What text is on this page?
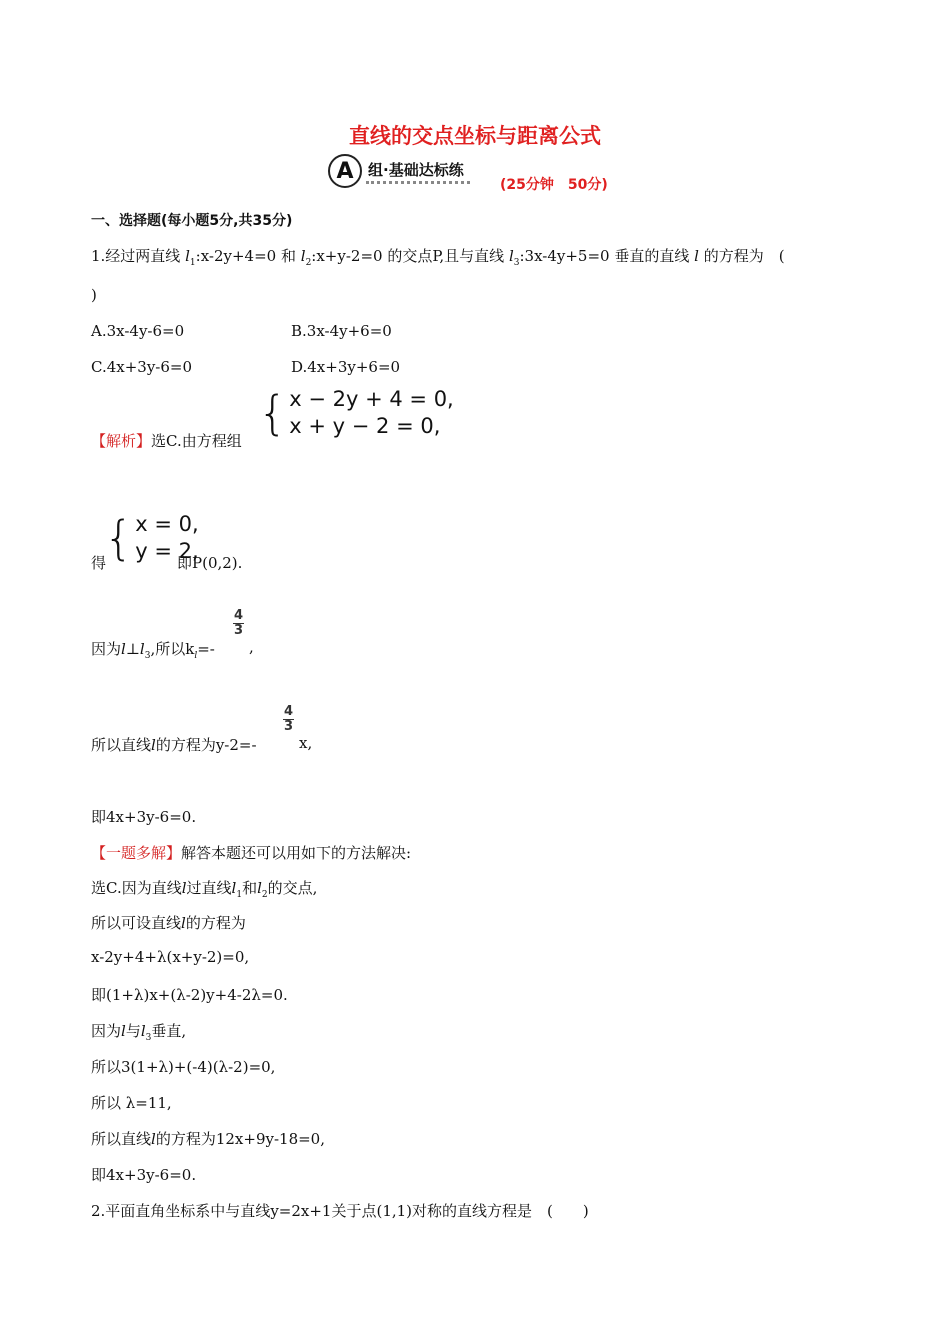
直线的交点坐标与距离公式
A 组·基础达标练
(25分钟　50分)
一、选择题(每小题5分,共35分)
1.经过两直线 $l_1:x-2y+4=0$ 和 $l_2:x+y-2=0$ 的交点P,且与直线 $l_3:3x-4y+5=0$ 垂直的直线 l 的方程为　(
)
A.3x-4y-6=0	B.3x-4y+6=0
C.4x+3y-6=0	D.4x+3y+6=0
【解析】选C.由方程组
{ x − 2y + 4 = 0,
x + y − 2 = 0,
得
{ x = 0,
y = 2,
即P(0,2).
因为$l\perp l_3$,所以$k_l=-$
$\frac{4}{3}$
,
所以直线l的方程为y-2=-
$\frac{4}{3}$
x,
即4x+3y-6=0.
【一题多解】解答本题还可以用如下的方法解决:
选C.因为直线l过直线$l_1$和$l_2$的交点,
所以可设直线l的方程为
x-2y+4+λ(x+y-2)=0,
即(1+λ)x+(λ-2)y+4-2λ=0.
因为l与$l_3$垂直,
所以3(1+λ)+(-4)(λ-2)=0,
所以 λ=11,
所以直线l的方程为12x+9y-18=0,
即4x+3y-6=0.
2.平面直角坐标系中与直线y=2x+1关于点(1,1)对称的直线方程是　(　　)
